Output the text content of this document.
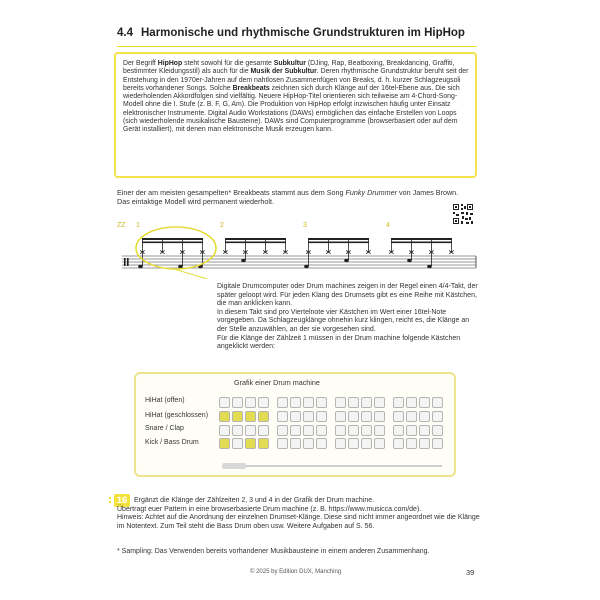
4.4 Harmonische und rhythmische Grundstrukturen im HipHop

Der Begriff HipHop steht sowohl für die gesamte Subkultur (DJing, Rap, Beatboxing, Breakdancing, Graffiti, bestimmter Kleidungsstil) als auch für die Musik der Subkultur. Deren rhythmische Grundstruktur beruht seit der Entstehung in den 1970er-Jahren auf dem nahtlosen Zusammenfügen von Breaks, d. h. kurzer Schlagzeugsoli bereits vorhandener Songs. Solche Breakbeats zeichnen sich durch Klänge auf der 16tel-Ebene aus. Die sich wiederholenden Akkordfolgen sind vielfältig. Neuere HipHop-Titel orientieren sich teilweise am 4-Chord-Song-Modell ohne die I. Stufe (z. B. F, G, Am). Die Produktion von HipHop erfolgt inzwischen häufig unter Einsatz elektronischer Instrumente. Digital Audio Workstations (DAWs) ermöglichen das einfache Erstellen von Loops (sich wiederholende musikalische Bausteine). DAWs sind Computerprogramme (browserbasiert oder auf dem Gerät installiert), mit denen man elektronische Musik erzeugen kann.

Einer der am meisten gesampelten* Breakbeats stammt aus dem Song Funky Drummer von James Brown.
Das eintaktige Modell wird permanent wiederholt.
ZZ 1	2	3	4

Digitale Drumcomputer oder Drum machines zeigen in der Regel einen 4/4-Takt, der später geloopt wird. Für jeden Klang des Drumsets gibt es eine Reihe mit Kästchen, die man anklicken kann.

In diesem Takt sind pro Viertelnote vier Kästchen im Wert einer 16tel-Note vorgegeben. Da Schlagzeugklänge ohnehin kurz klingen, reicht es, die Klänge an der Stelle anzuwählen, an der sie vorgesehen sind.

Für die Klänge der Zählzeit 1 müssen in der Drum machine folgende Kästchen angeklickt werden:

Grafik einer Drum machine
HiHat (offen)
HiHat (geschlossen)
Snare / Clap
Kick / Bass Drum
16 Ergänzt die Klänge der Zählzeiten 2, 3 und 4 in der Grafik der Drum machine.

Übertragt euer Pattern in eine browserbasierte Drum machine (z. B. https://www.musicca.com/de).

Hinweis: Achtet auf die Anordnung der einzelnen Drumset-Klänge. Diese sind nicht immer angeordnet wie die Klänge im Notentext. Zum Teil steht die Bass Drum oben usw. Weitere Aufgaben auf S. 56.

* Sampling: Das Verwenden bereits vorhandener Musikbausteine in einem anderen Zusammenhang.
© 2025 by Edition DUX, Manching	39
